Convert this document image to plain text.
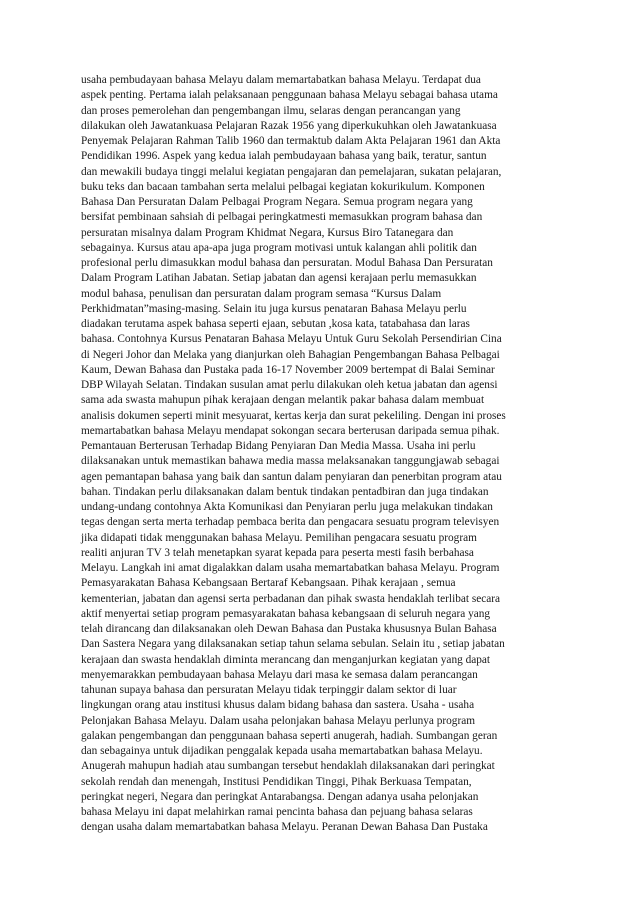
usaha pembudayaan bahasa Melayu dalam memartabatkan bahasa Melayu. Terdapat dua
aspek penting. Pertama ialah pelaksanaan penggunaan bahasa Melayu sebagai bahasa utama
dan proses pemerolehan dan pengembangan ilmu, selaras dengan perancangan yang
dilakukan oleh Jawatankuasa Pelajaran Razak 1956 yang diperkukuhkan oleh Jawatankuasa
Penyemak Pelajaran Rahman Talib 1960 dan termaktub dalam Akta Pelajaran 1961 dan Akta
Pendidikan 1996. Aspek yang kedua ialah pembudayaan bahasa yang baik, teratur, santun
dan mewakili budaya tinggi melalui kegiatan pengajaran dan pemelajaran, sukatan pelajaran,
buku teks dan bacaan tambahan serta melalui pelbagai kegiatan kokurikulum. Komponen
Bahasa Dan Persuratan Dalam Pelbagai Program Negara. Semua program negara yang
bersifat pembinaan sahsiah di pelbagai peringkatmesti memasukkan program bahasa dan
persuratan misalnya dalam Program Khidmat Negara, Kursus Biro Tatanegara dan
sebagainya. Kursus atau apa-apa juga program motivasi untuk kalangan ahli politik dan
profesional perlu dimasukkan modul bahasa dan persuratan. Modul Bahasa Dan Persuratan
Dalam Program Latihan Jabatan. Setiap jabatan dan agensi kerajaan perlu memasukkan
modul bahasa, penulisan dan persuratan dalam program semasa “Kursus Dalam
Perkhidmatan”masing-masing. Selain itu juga kursus penataran Bahasa Melayu perlu
diadakan terutama aspek bahasa seperti ejaan, sebutan ,kosa kata, tatabahasa dan laras
bahasa. Contohnya Kursus Penataran Bahasa Melayu Untuk Guru Sekolah Persendirian Cina
di Negeri Johor dan Melaka yang dianjurkan oleh Bahagian Pengembangan Bahasa Pelbagai
Kaum, Dewan Bahasa dan Pustaka pada 16-17 November 2009 bertempat di Balai Seminar
DBP Wilayah Selatan. Tindakan susulan amat perlu dilakukan oleh ketua jabatan dan agensi
sama ada swasta mahupun pihak kerajaan dengan melantik pakar bahasa dalam membuat
analisis dokumen seperti minit mesyuarat, kertas kerja dan surat pekeliling. Dengan ini proses
memartabatkan bahasa Melayu mendapat sokongan secara berterusan daripada semua pihak.
Pemantauan Berterusan Terhadap Bidang Penyiaran Dan Media Massa. Usaha ini perlu
dilaksanakan untuk memastikan bahawa media massa melaksanakan tanggungjawab sebagai
agen pemantapan bahasa yang baik dan santun dalam penyiaran dan penerbitan program atau
bahan. Tindakan perlu dilaksanakan dalam bentuk tindakan pentadbiran dan juga tindakan
undang-undang contohnya Akta Komunikasi dan Penyiaran perlu juga melakukan tindakan
tegas dengan serta merta terhadap pembaca berita dan pengacara sesuatu program televisyen
jika didapati tidak menggunakan bahasa Melayu. Pemilihan pengacara sesuatu program
realiti anjuran TV 3 telah menetapkan syarat kepada para peserta mesti fasih berbahasa
Melayu. Langkah ini amat digalakkan dalam usaha memartabatkan bahasa Melayu. Program
Pemasyarakatan Bahasa Kebangsaan Bertaraf Kebangsaan. Pihak kerajaan , semua
kementerian, jabatan dan agensi serta perbadanan dan pihak swasta hendaklah terlibat secara
aktif menyertai setiap program pemasyarakatan bahasa kebangsaan di seluruh negara yang
telah dirancang dan dilaksanakan oleh Dewan Bahasa dan Pustaka khususnya Bulan Bahasa
Dan Sastera Negara yang dilaksanakan setiap tahun selama sebulan. Selain itu , setiap jabatan
kerajaan dan swasta hendaklah diminta merancang dan menganjurkan kegiatan yang dapat
menyemarakkan pembudayaan bahasa Melayu dari masa ke semasa dalam perancangan
tahunan supaya bahasa dan persuratan Melayu tidak terpinggir dalam sektor di luar
lingkungan orang atau institusi khusus dalam bidang bahasa dan sastera. Usaha - usaha
Pelonjakan Bahasa Melayu. Dalam usaha pelonjakan bahasa Melayu perlunya program
galakan pengembangan dan penggunaan bahasa seperti anugerah, hadiah. Sumbangan geran
dan sebagainya untuk dijadikan penggalak kepada usaha memartabatkan bahasa Melayu.
Anugerah mahupun hadiah atau sumbangan tersebut hendaklah dilaksanakan dari peringkat
sekolah rendah dan menengah, Institusi Pendidikan Tinggi, Pihak Berkuasa Tempatan,
peringkat negeri, Negara dan peringkat Antarabangsa. Dengan adanya usaha pelonjakan
bahasa Melayu ini dapat melahirkan ramai pencinta bahasa dan pejuang bahasa selaras
dengan usaha dalam memartabatkan bahasa Melayu. Peranan Dewan Bahasa Dan Pustaka
